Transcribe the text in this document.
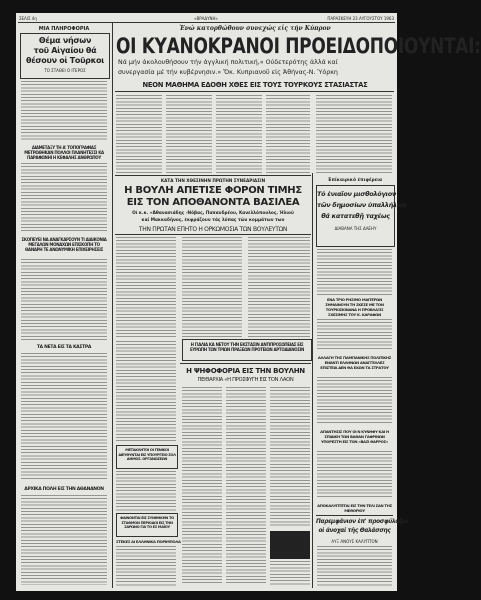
ΣΕΛΙΣ 4η	«ΒΡΑΔΥΝΗ»	ΠΑΡΑΣΚΕΥΗ 23 ΑΥΓΟΥΣΤΟΥ 1963
ΜΙΑ ΠΛΗΡΟΦΟΡΙΑ
Θέμα νήσων
τοῦ Αἰγαίου θά
θέσουν οἱ Τοῦρκοι
ΤΟ ΣΤΑΘΕΙ Ο ΙΤΕΡΟΣ
ΔΙΑΜΕΤΑΞΥ ΤΗ Α' ΤΟΠΟΓΡΑΦΙΑΣ ΜΕΤΡΩΘΗΚΑΝ ΠΟΛΛΟΙ ΠΛΑΝΗΤΕΣΣΙ ΚΑ ΠΑΡΑΦΩΝΗΙ Η ΚΕΦΑΛΗΣ ΑΝΘΡΩΠΟΥ
ΣΚΟΠΕΥΕΙ ΝΑ ΑΝΑΓΚΑΡΣΟΥΝ ΤΙ ΔΙΑΙΚΟΝΙΑ ΜΕΓΑΛΩΝ ΜΟΝΑΧΩΝ ΕΠΙΣΚΟΠΗ ΤΟ ΘΑΝΑΡΗ ΤΕ ΑΝΩΝΥΜΙΚΗ ΕΠΙΧΕΙΡΗΣΕΙΣ
ΤΑ ΝΕΤΑ ΕΙΣ ΤΑ ΚΑΣΤΡΑ
ΑΡΧΙΚΑ ΠΟΛΗ ΕΙΣ ΤΗΝ ΑΘΑΝΑΝΟΝ
Ἑνώ κατορθώθουν συνεχώς εἰς τήν Κύπρον
ΟΙ ΚΥΑΝΟΚΡΑΝΟΙ ΠΡΟΕΙΔΟΠΟΙΟΥΝΤΑΙ:
Νά μήν ἀκολουθήσουν τήν ἀγγλική πολιτική,« Οὐδετερότης ἀλλά καί
συνεργασία μέ τήν κυβέρνησιν.» Ὄκ. Κυπριανοῦ εἰς Ἀθήνας-Ν. Ὑόρκη
ΝΕΟΝ ΜΑΘΗΜΑ ΕΔΟΘΗ ΧΘΕΣ ΕΙΣ ΤΟΥΣ ΤΟΥΡΚΟΥΣ ΣΤΑΣΙΑΣΤΑΣ
ΚΑΤΑ ΤΗΝ ΧΘΕΣΙΝΗΝ ΠΡΩΤΗΝ ΣΥΝΕΔΡΙΑΣΙΝ
Η ΒΟΥΛΗ ΑΠΕΤΙΣΕ ΦΟΡΟΝ ΤΙΜΗΣ
ΕΙΣ ΤΟΝ ΑΠΟΘΑΝΟΝΤΑ ΒΑΣΙΛΕΑ
Οἱ κ.κ. «Ἀθανασιάδης -Νόβας, Παπανδρέου, Κανελλόπουλος, Ἠλιοῦ
καί Μακκαδῆνος, ἐκφράζουν τάς λύπας τῶν κομμάτων των
ΤΗΝ ΠΡΩΤΑΝ ΕΠΗΤΟ Η ΟΡΚΩΜΟΣΙΑ ΤΩΝ ΒΟΥΛΕΥΤΩΝ
Η ΓΙΑΛΙΑ ΚΑ ΝΕΤΟΥ ΤΗΝ ΕΚΣΤΑΣΙΝ ΑΝΤΙΠΡΟΣΩΠΕΙΑΣ ΕΙΣ ΕΥΡΩΠΗ ΤΩΝ ΤΡΙΩΝ ΠΡΑΞΕΩΝ ΠΡΟΤΕΙΩΝ ΑΡΤΟΔΙΑΝΟΣΙΝ
Η ΨΗΦΟΦΟΡΙΑ ΕΙΣ ΤΗΝ ΒΟΥΛΗΝ
ΠΕΙΘΑΡΧΙΑ «Η ΠΡΟΣΦΥΓΗ ΕΙΣ ΤΟΝ ΛΑΟΝ
ΜΕΤΑΚΛΗΤΟΙ ΟΙ ΓΕΝΙΚΟΙ ΔΙΕΥΘΥΝΤΑΙ ΕΙΣ ΥΠΟΥΡΓΕΙΟ ΣΟΛ ΔΗΜΟΣ. ΟΡΓΑΝΩΣΕΩΝ
ΦΑΙΝΟΝΤΑΙ ΕΙΣ ΣΥΝΘΗΚΗΝ ΤΟ ΣΤΑΘΜΟΝ ΠΕΡΙΟΔΟΙ ΕΙΣ ΤΗΝ ΣΑΡΩΝΟ ΓΙΑ ΤΟ ΕΣ ΜΑΪΟΥ
ΣΤΕΚΕΣ ΑΙ ΕΛΛΗΝΙΚΑ ΠΟΡΙΜΠΟΛΑ
Ἑπίκαιρικό ἐπιφέρεια
Τό ἑνιαῖον μισθολόγιον
τῶν δημοσίων ὑπαλλήλων
θά κατατεθῇ ταχέως
ΔΙΑΒΑΝΑ ΤΗΣ ΔΑΕΗΥ
ΕΝΑ ΤΡΙΟ ΡΗΣΙΜΟ ΜΑΙΤΕΡΩΝ ΣΗΜΑΙΝΟΥΝ ΤΗ ΣΚΕΣΕ ΜΕ ΤΟΝ ΤΟΥΡΚΙΣΚΙΝΑΝΔ Η ΠΡΟΒΛΑΞΙΣ ΣΧΕΣΙΜΗΣ ΤΟΥ Κ. ΚΑΡΑΦΩΝ
ΑΛΛΑΓΗ ΤΗΣ ΠΑΜΠΑΝΙΚΗΣ ΠΟΛΙΤΙΚΗΣ ΕΝΑΝΤΙ ΕΛΛΗΝΩΝ ΑΝΑΓΓΕΛΛΕΣ ΕΠΙΣΤΕΙΑ ΔΕΝ ΘΑ ΕΧΩΝ ΤΑ ΣΤΡΑΤΟΥ
ΑΠΑΝΤΗΣΙΣ ΠΟΥ ΟΙ Ν ΚΥΝΗΦΥ ΚΑΙ Η ΣΠΙΔΙΚΗ ΤΩΝ ΒΑΘΑΝ ΓΑΦΡΙΝΩΝ ΥΠΟΡΕΣΤΗ ΕΙΣ ΤΟΝ «ΒΑΣΙ ΘΑΡΡΟΣ»
ΑΠΟΚΑΛΥΠΤΕΤΑΙ ΕΙΣ ΤΗΝ ΤΕΛΙ ΣΑΝ ΤΗΣ ΜΕΘΟΡΙΟΥ
Παρεμφάνιον ἐπ' προσφύλαξιν
οἱ ἀνοχαί τῆς Θαλάσσης
ΑΥΞ ΑΝΟΥΣ ΚΑΛΥΠΤΟΝ
